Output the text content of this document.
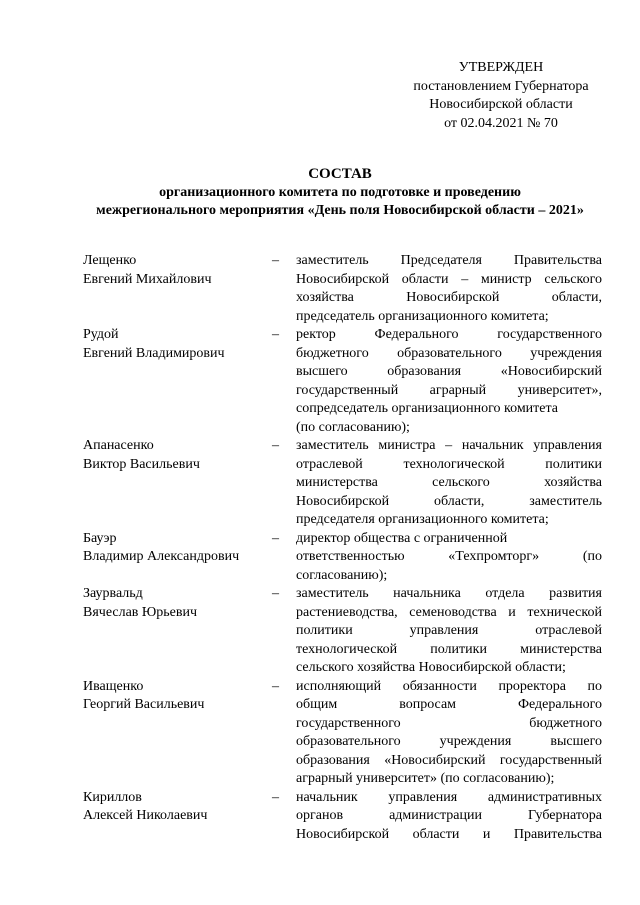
УТВЕРЖДЕН
постановлением Губернатора
Новосибирской области
от 02.04.2021 № 70
СОСТАВ
организационного комитета по подготовке и проведению
межрегионального мероприятия «День поля Новосибирской области – 2021»
Лещенко
Евгений Михайлович
– заместитель Председателя Правительства
Новосибирской области – министр сельского
хозяйства	Новосибирской	области,
председатель организационного комитета;
Рудой
Евгений Владимирович
– ректор	Федерального	государственного
бюджетного образовательного учреждения
высшего	образования	«Новосибирский
государственный аграрный университет»,
сопредседатель организационного комитета
(по согласованию);
Апанасенко
Виктор Васильевич
– заместитель министра – начальник управления
отраслевой	технологической	политики
министерства	сельского	хозяйства
Новосибирской	области,	заместитель
председателя организационного комитета;
Бауэр
Владимир Александрович
– директор общества с ограниченной
ответственностью	«Техпромторг»	(по
согласованию);
Заурвальд
Вячеслав Юрьевич
– заместитель начальника отдела развития
растениеводства, семеноводства и технической
политики	управления	отраслевой
технологической политики министерства
сельского хозяйства Новосибирской области;
Иващенко
Георгий Васильевич
– исполняющий обязанности проректора по
общим	вопросам	Федерального
государственного	бюджетного
образовательного	учреждения	высшего
образования «Новосибирский государственный
аграрный университет» (по согласованию);
Кириллов
Алексей Николаевич
– начальник управления административных
органов	администрации	Губернатора
Новосибирской области и Правительства
